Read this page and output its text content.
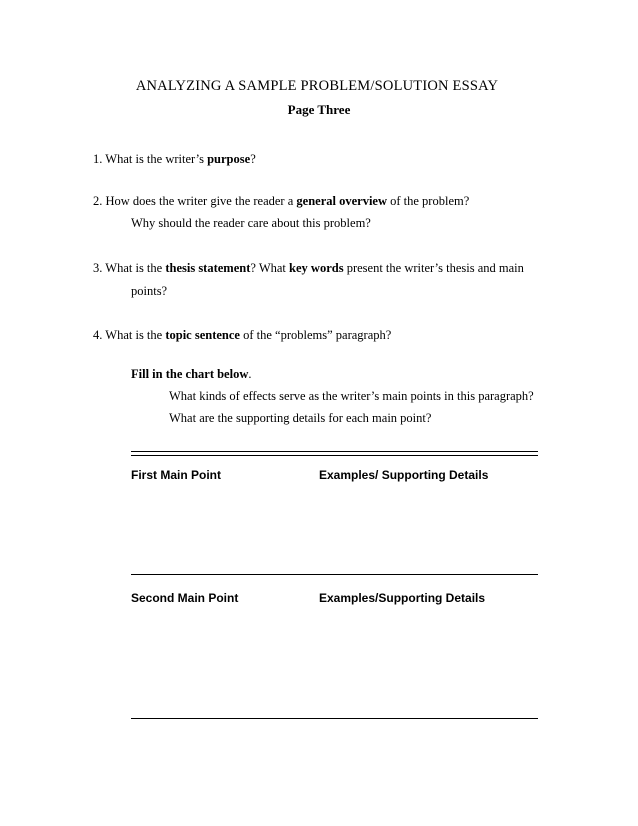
ANALYZING A SAMPLE PROBLEM/SOLUTION ESSAY
Page Three
1. What is the writer’s purpose?
2. How does the writer give the reader a general overview of the problem?
Why should the reader care about this problem?
3. What is the thesis statement? What key words present the writer’s thesis and main
points?
4. What is the topic sentence of the “problems” paragraph?
Fill in the chart below.
What kinds of effects serve as the writer’s main points in this paragraph?
What are the supporting details for each main point?
First Main Point	Examples/ Supporting Details
Second Main Point	Examples/Supporting Details
